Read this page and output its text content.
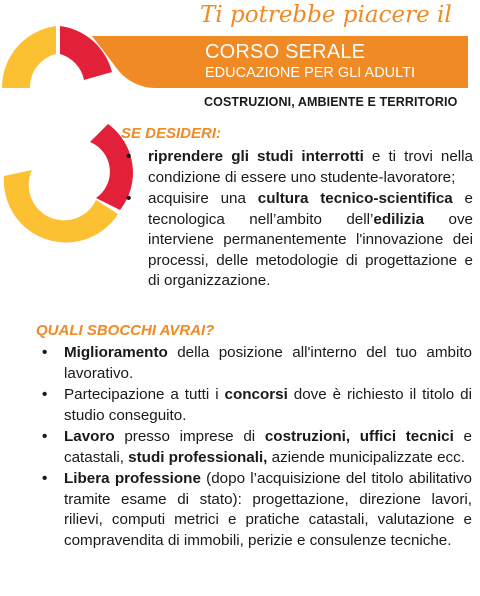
Ti potrebbe piacere il
CORSO SERALE
EDUCAZIONE PER GLI ADULTI
COSTRUZIONI, AMBIENTE E TERRITORIO
SE DESIDERI:
• riprendere gli studi interrotti e ti trovi nella condizione di essere uno studente-lavoratore;
• acquisire una cultura tecnico-scientifica e tecnologica nell’ambito dell’edilizia ove interviene permanentemente l'innovazione dei processi, delle metodologie di progettazione e di organizzazione.
QUALI SBOCCHI AVRAI?
• Miglioramento della posizione all'interno del tuo ambito lavorativo.
• Partecipazione a tutti i concorsi dove è richiesto il titolo di studio conseguito.
• Lavoro presso imprese di costruzioni, uffici tecnici e catastali, studi professionali, aziende municipalizzate ecc.
• Libera professione (dopo l’acquisizione del titolo abilitativo tramite esame di stato): progettazione, direzione lavori, rilievi, computi metrici e pratiche catastali, valutazione e compravendita di immobili, perizie e consulenze tecniche.
